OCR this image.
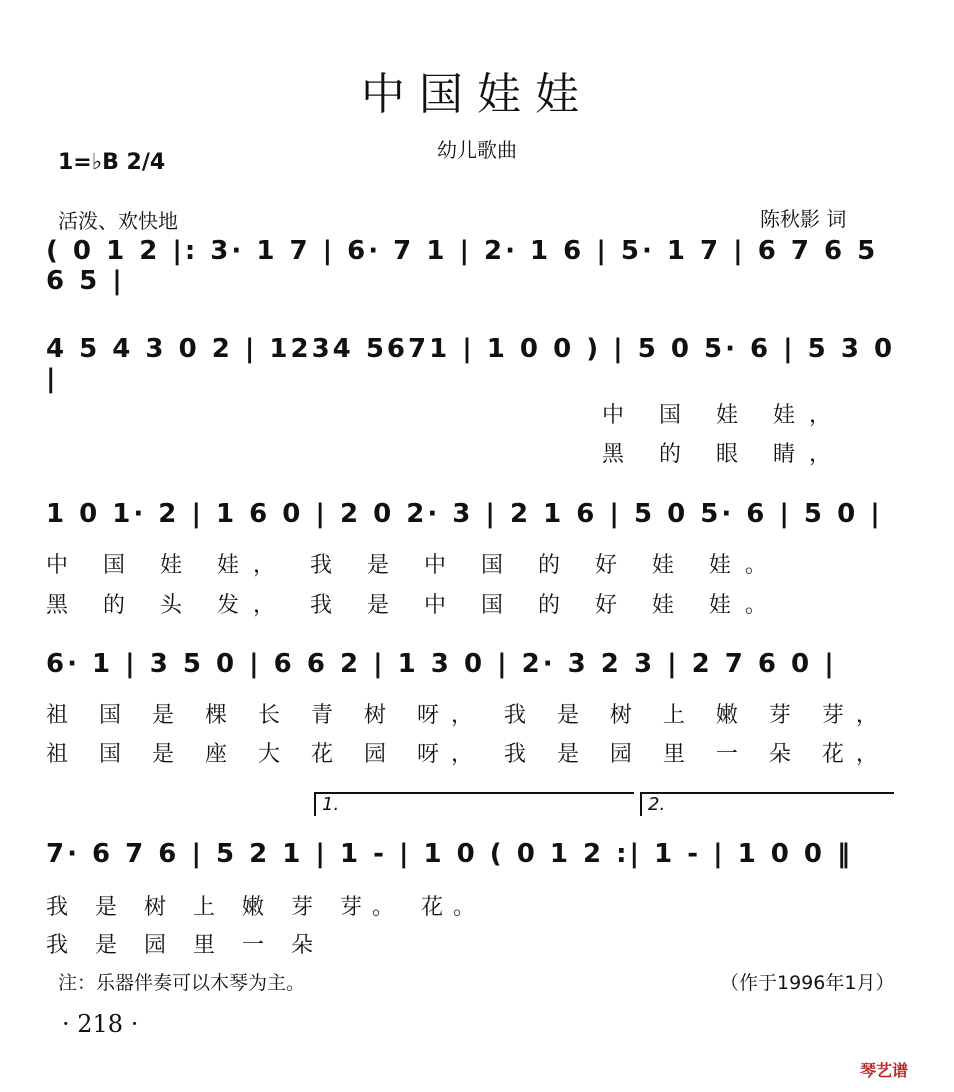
中国娃娃
幼儿歌曲
1=♭B 2/4
活泼、欢快地	陈秋影 词
( 0 1 2 |: 3· 1 7 | 6· 7 1 | 2· 1 6 | 5· 1 7 | 6 7 6 5 6 5 |
4 5 4 3 0 2 | 1234 5671 | 1 0 0 ) | 5 0 5· 6 | 5 3 0 |
中 国 娃 娃，
黑 的 眼 睛，
1 0 1· 2 | 1 6 0 | 2 0 2· 3 | 2 1 6 | 5 0 5· 6 | 5 0 |
中 国 娃 娃， 我 是 中 国 的 好 娃 娃。
黑 的 头 发， 我 是 中 国 的 好 娃 娃。
6· 1 | 3 5 0 | 6 6 2 | 1 3 0 | 2· 3 2 3 | 2 7 6 0 |
祖 国 是 棵 长 青 树 呀， 我 是 树 上 嫩 芽 芽，
祖 国 是 座 大 花 园 呀， 我 是 园 里 一 朵 花，
1.	2.
7· 6 7 6 | 5 2 1 | 1 - | 1 0 ( 0 1 2 :| 1 - | 1 0 0 ‖
我 是 树 上 嫩 芽 芽。 花。
我 是 园 里 一 朵
注：乐器伴奏可以木琴为主。	（作于1996年1月）
· 218 ·
琴艺谱
